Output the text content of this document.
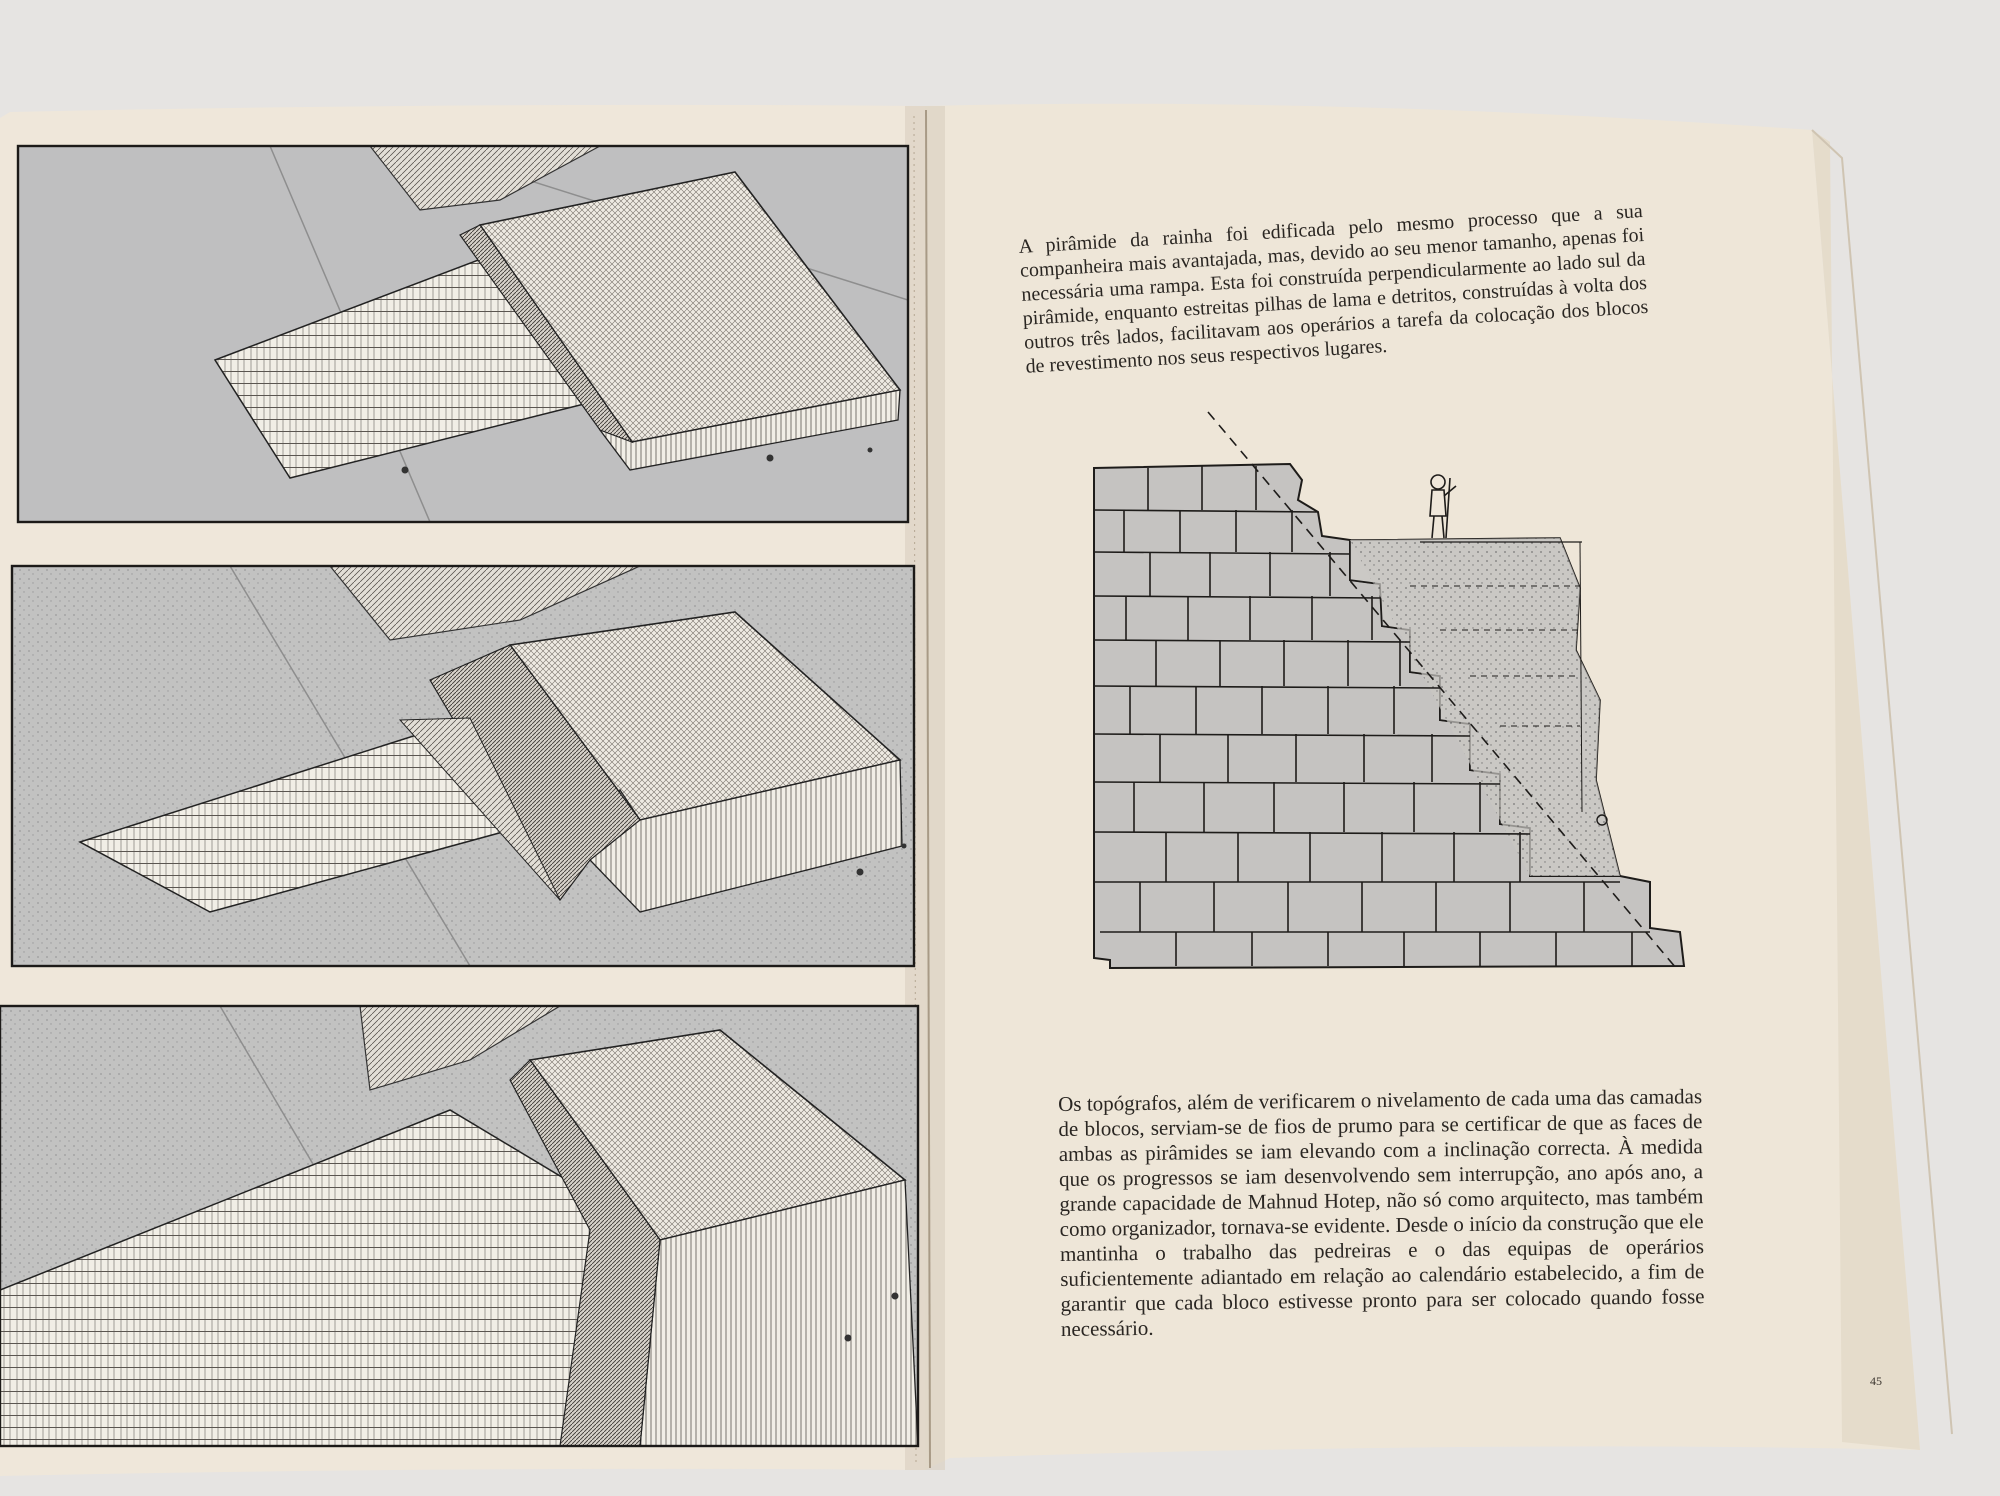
A pirâmide da rainha foi edificada pelo mesmo processo que a sua companheira mais avantajada, mas, devido ao seu menor tamanho, apenas foi necessária uma rampa. Esta foi construída perpendicularmente ao lado sul da pirâmide, enquanto estreitas pilhas de lama e detritos, construídas à volta dos outros três lados, facilitavam aos operários a tarefa da colocação dos blocos de revestimento nos seus respectivos lugares.

Os topógrafos, além de verificarem o nivelamento de cada uma das camadas de blocos, serviam-se de fios de prumo para se certificar de que as faces de ambas as pirâmides se iam elevando com a inclinação correcta. À medida que os progressos se iam desenvolvendo sem interrupção, ano após ano, a grande capacidade de Mahnud Hotep, não só como arquitecto, mas também como organizador, tornava-se evidente. Desde o início da construção que ele mantinha o trabalho das pedreiras e o das equipas de operários suficientemente adiantado em relação ao calendário estabelecido, a fim de garantir que cada bloco estivesse pronto para ser colocado quando fosse necessário.

45
